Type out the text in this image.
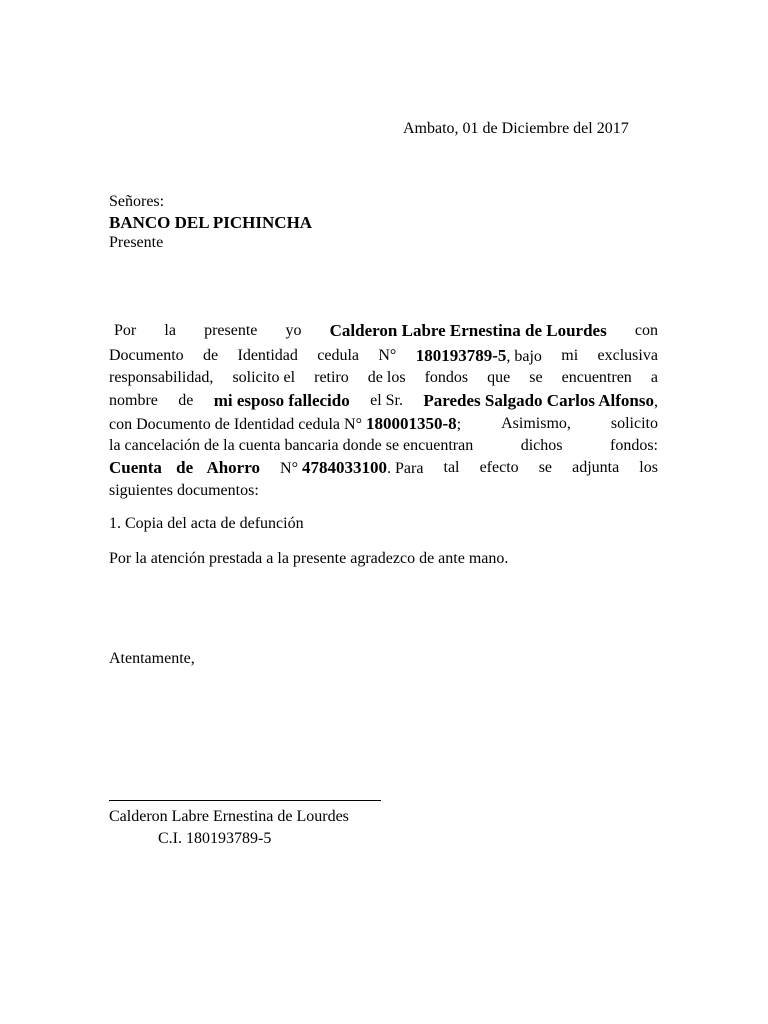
Ambato, 01 de Diciembre del 2017
Señores:
BANCO DEL PICHINCHA
Presente
Por la presente yo Calderon Labre Ernestina de Lourdes con
Documento de Identidad cedula N° 180193789-5, bajo mi exclusiva
responsabilidad, solicito el retiro de los fondos que se encuentren a
nombre de mi esposo fallecido el Sr. Paredes Salgado Carlos Alfonso,
con Documento de Identidad cedula N° 180001350-8; Asimismo, solicito
la cancelación de la cuenta bancaria donde se encuentran	dichos	fondos:
Cuenta de Ahorro N° 4784033100. Para tal efecto se adjunta los
siguientes documentos:
1. Copia del acta de defunción
Por la atención prestada a la presente agradezco de ante mano.
Atentamente,
Calderon Labre Ernestina de Lourdes
C.I. 180193789-5
